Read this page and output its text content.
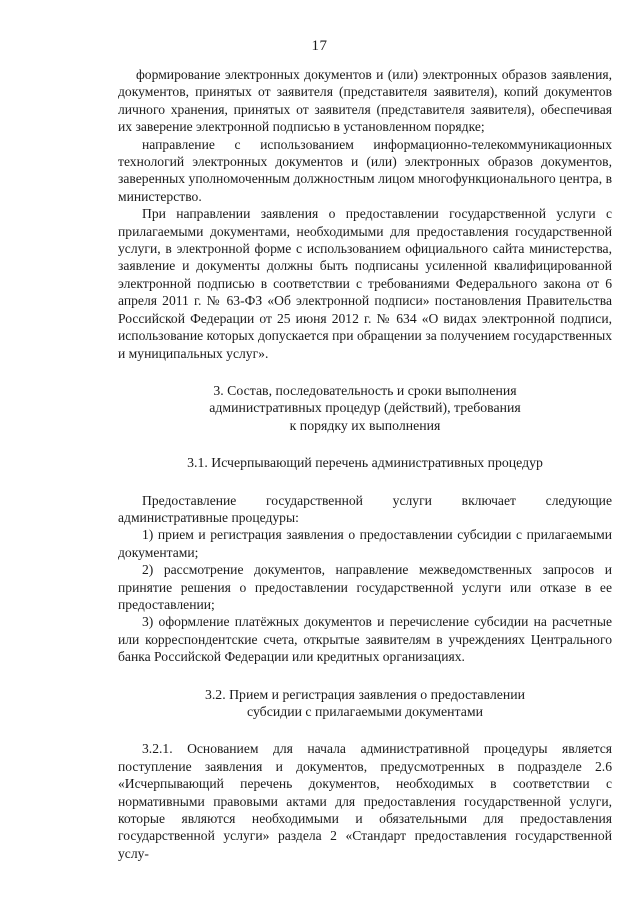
17

формирование электронных документов и (или) электронных образов заявления, документов, принятых от заявителя (представителя заявителя), копий документов личного хранения, принятых от заявителя (представителя заявителя), обеспечивая их заверение электронной подписью в установленном порядке;

направление с использованием информационно-телекоммуникационных технологий электронных документов и (или) электронных образов документов, заверенных уполномоченным должностным лицом многофункционального центра, в министерство.

При направлении заявления о предоставлении государственной услуги с прилагаемыми документами, необходимыми для предоставления государственной услуги, в электронной форме с использованием официального сайта министерства, заявление и документы должны быть подписаны усиленной квалифицированной электронной подписью в соответствии с требованиями Федерального закона от 6 апреля 2011 г. № 63-ФЗ «Об электронной подписи» постановления Правительства Российской Федерации от 25 июня 2012 г. № 634 «О видах электронной подписи, использование которых допускается при обращении за получением государственных и муниципальных услуг».

3. Состав, последовательность и сроки выполнения

административных процедур (действий), требования

к порядку их выполнения

3.1. Исчерпывающий перечень административных процедур

Предоставление государственной услуги включает следующие административные процедуры:

1) прием и регистрация заявления о предоставлении субсидии с прилагаемыми документами;

2) рассмотрение документов, направление межведомственных запросов и принятие решения о предоставлении государственной услуги или отказе в ее предоставлении;

3) оформление платёжных документов и перечисление субсидии на расчетные или корреспондентские счета, открытые заявителям в учреждениях Центрального банка Российской Федерации или кредитных организациях.

3.2. Прием и регистрация заявления о предоставлении

субсидии с прилагаемыми документами

3.2.1. Основанием для начала административной процедуры является поступление заявления и документов, предусмотренных в подразделе 2.6 «Исчерпывающий перечень документов, необходимых в соответствии с нормативными правовыми актами для предоставления государственной услуги, которые являются необходимыми и обязательными для предоставления государственной услуги» раздела 2 «Стандарт предоставления государственной услу-
